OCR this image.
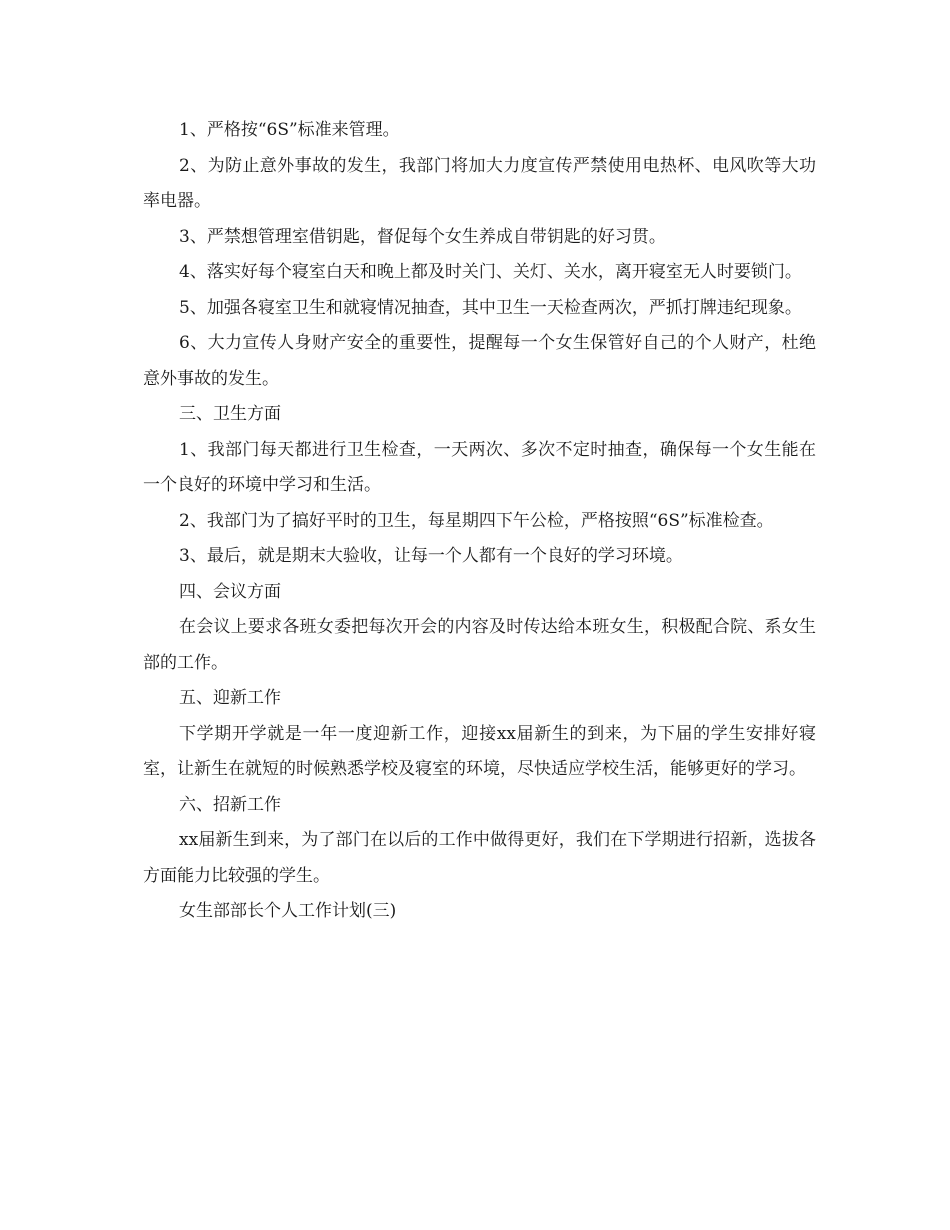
1、严格按“6S”标准来管理。

2、为防止意外事故的发生，我部门将加大力度宣传严禁使用电热杯、电风吹等大功率电器。

3、严禁想管理室借钥匙，督促每个女生养成自带钥匙的好习贯。

4、落实好每个寝室白天和晚上都及时关门、关灯、关水，离开寝室无人时要锁门。

5、加强各寝室卫生和就寝情况抽查，其中卫生一天检查两次，严抓打牌违纪现象。

6、大力宣传人身财产安全的重要性，提醒每一个女生保管好自己的个人财产，杜绝意外事故的发生。

三、卫生方面

1、我部门每天都进行卫生检查，一天两次、多次不定时抽查，确保每一个女生能在一个良好的环境中学习和生活。

2、我部门为了搞好平时的卫生，每星期四下午公检，严格按照“6S”标准检查。

3、最后，就是期末大验收，让每一个人都有一个良好的学习环境。

四、会议方面

在会议上要求各班女委把每次开会的内容及时传达给本班女生，积极配合院、系女生部的工作。

五、迎新工作

下学期开学就是一年一度迎新工作，迎接xx届新生的到来，为下届的学生安排好寝室，让新生在就短的时候熟悉学校及寝室的环境，尽快适应学校生活，能够更好的学习。

六、招新工作

xx届新生到来，为了部门在以后的工作中做得更好，我们在下学期进行招新，选拔各方面能力比较强的学生。

女生部部长个人工作计划(三)
